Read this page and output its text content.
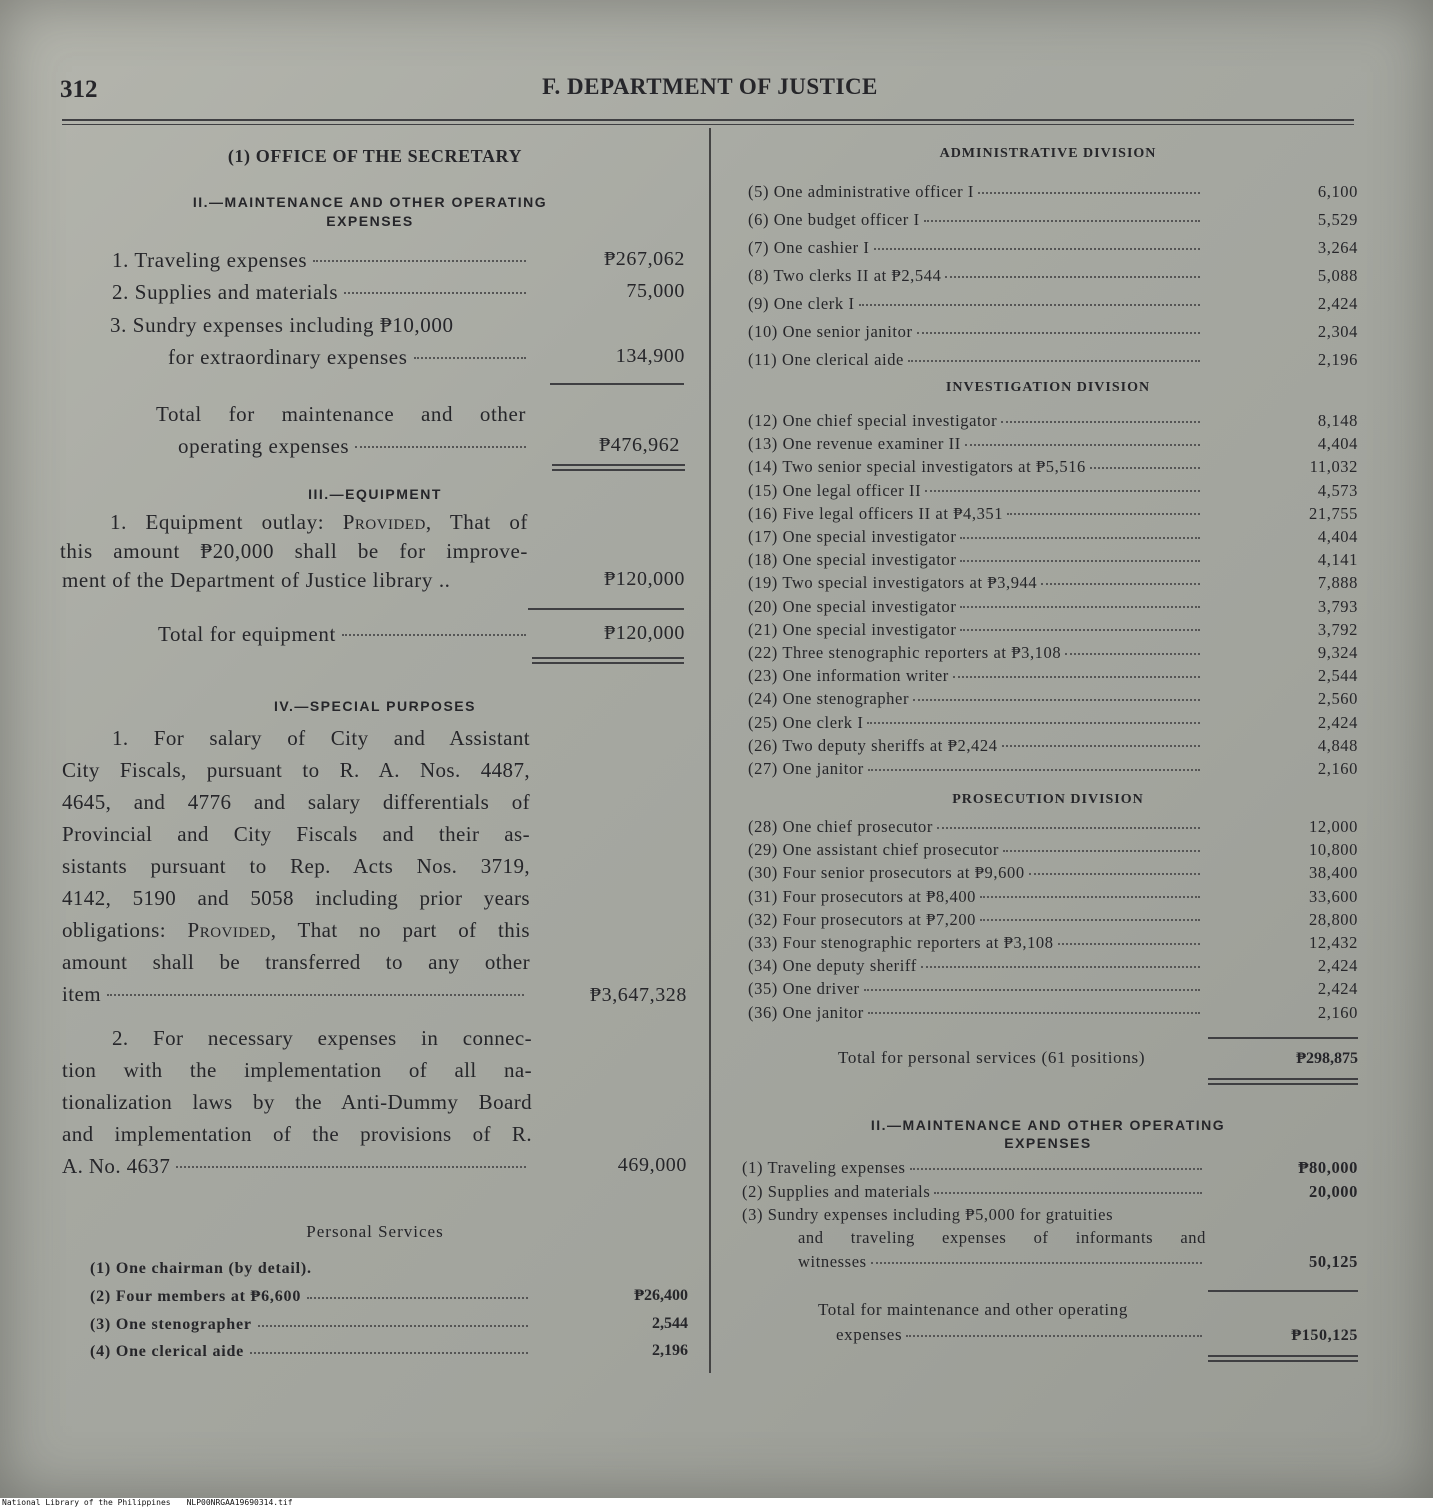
312	F. DEPARTMENT OF JUSTICE
(1) OFFICE OF THE SECRETARY
II.—MAINTENANCE AND OTHER OPERATING
EXPENSES
1. Traveling expenses	₱267,062
2. Supplies and materials	75,000
3. Sundry expenses including ₱10,000
for extraordinary expenses	134,900
Total for maintenance and other
operating expenses	₱476,962
III.—EQUIPMENT
1. Equipment outlay: Provided, That of
this amount ₱20,000 shall be for improve-
ment of the Department of Justice library ..	₱120,000
Total for equipment	₱120,000
IV.—SPECIAL PURPOSES
1. For salary of City and Assistant
City Fiscals, pursuant to R. A. Nos. 4487,
4645, and 4776 and salary differentials of
Provincial and City Fiscals and their as-
sistants pursuant to Rep. Acts Nos. 3719,
4142, 5190 and 5058 including prior years
obligations: Provided, That no part of this
amount shall be transferred to any other
item	₱3,647,328
2. For necessary expenses in connec-
tion with the implementation of all na-
tionalization laws by the Anti-Dummy Board
and implementation of the provisions of R.
A. No. 4637	469,000
Personal Services
(1) One chairman (by detail).
(2) Four members at ₱6,600	₱26,400
(3) One stenographer	2,544
(4) One clerical aide	2,196
ADMINISTRATIVE DIVISION
(5) One administrative officer I	6,100
(6) One budget officer I	5,529
(7) One cashier I	3,264
(8) Two clerks II at ₱2,544	5,088
(9) One clerk I	2,424
(10) One senior janitor	2,304
(11) One clerical aide	2,196
INVESTIGATION DIVISION
(12) One chief special investigator	8,148
(13) One revenue examiner II	4,404
(14) Two senior special investigators at ₱5,516	11,032
(15) One legal officer II	4,573
(16) Five legal officers II at ₱4,351	21,755
(17) One special investigator	4,404
(18) One special investigator	4,141
(19) Two special investigators at ₱3,944	7,888
(20) One special investigator	3,793
(21) One special investigator	3,792
(22) Three stenographic reporters at ₱3,108	9,324
(23) One information writer	2,544
(24) One stenographer	2,560
(25) One clerk I	2,424
(26) Two deputy sheriffs at ₱2,424	4,848
(27) One janitor	2,160
PROSECUTION DIVISION
(28) One chief prosecutor	12,000
(29) One assistant chief prosecutor	10,800
(30) Four senior prosecutors at ₱9,600	38,400
(31) Four prosecutors at ₱8,400	33,600
(32) Four prosecutors at ₱7,200	28,800
(33) Four stenographic reporters at ₱3,108	12,432
(34) One deputy sheriff	2,424
(35) One driver	2,424
(36) One janitor	2,160
Total for personal services (61 positions)	₱298,875
II.—MAINTENANCE AND OTHER OPERATING
EXPENSES
(1) Traveling expenses	₱80,000
(2) Supplies and materials	20,000
(3) Sundry expenses including ₱5,000 for gratuities
and traveling expenses of informants and
witnesses	50,125
Total for maintenance and other operating
expenses	₱150,125
National Library of the Philippines NLP00NRGAA19690314.tif
